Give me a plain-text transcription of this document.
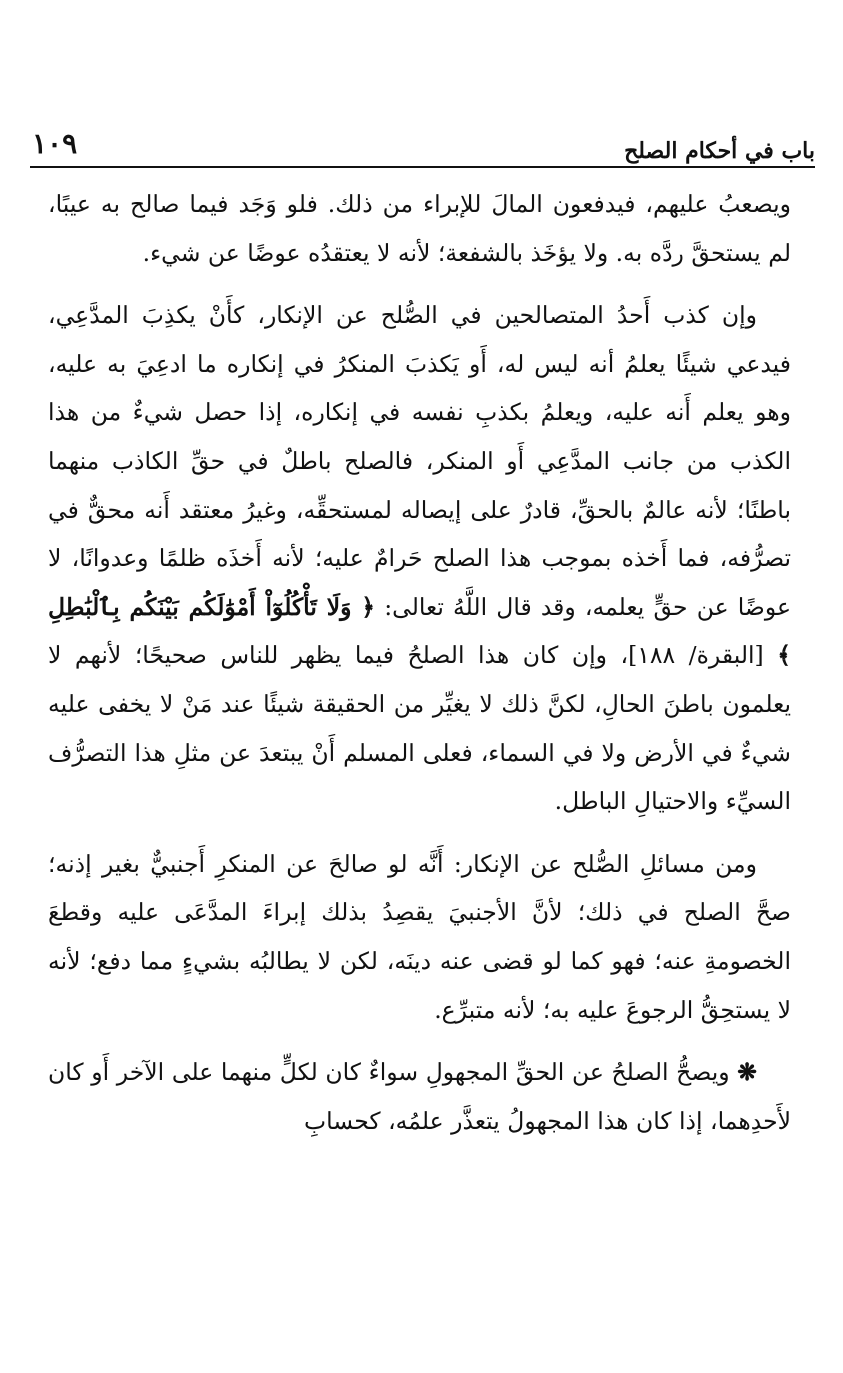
باب في أحكام الصلح
١٠٩

ويصعبُ عليهم، فيدفعون المالَ للإبراء من ذلك. فلو وَجَد فيما صالح به عيبًا، لم يستحقَّ ردَّه به. ولا يؤخَذ بالشفعة؛ لأنه لا يعتقدُه عوضًا عن شيء.

وإن كذب أَحدُ المتصالحين في الصُّلح عن الإنكار، كأَنْ يكذِبَ المدَّعِي، فيدعي شيئًا يعلمُ أنه ليس له، أَو يَكذبَ المنكرُ في إنكاره ما ادعِيَ به عليه، وهو يعلم أَنه عليه، ويعلمُ بكذبِ نفسه في إنكاره، إذا حصل شيءٌ من هذا الكذب من جانب المدَّعِي أَو المنكر، فالصلح باطلٌ في حقِّ الكاذب منهما باطنًا؛ لأنه عالمٌ بالحقِّ، قادرٌ على إيصاله لمستحقِّه، وغيرُ معتقد أَنه محقٌّ في تصرُّفه، فما أَخذه بموجب هذا الصلح حَرامٌ عليه؛ لأنه أَخذَه ظلمًا وعدوانًا، لا عوضًا عن حقٍّ يعلمه، وقد قال اللَّهُ تعالى: ﴿ وَلَا تَأْكُلُوٓاْ أَمْوَٰلَكُم بَيْنَكُم بِٱلْبَٰطِلِ ﴾ [البقرة/ ١٨٨]، وإن كان هذا الصلحُ فيما يظهر للناس صحيحًا؛ لأنهم لا يعلمون باطنَ الحالِ، لكنَّ ذلك لا يغيِّر من الحقيقة شيئًا عند مَنْ لا يخفى عليه شيءٌ في الأرض ولا في السماء، فعلى المسلم أَنْ يبتعدَ عن مثلِ هذا التصرُّف السيِّء والاحتيالِ الباطل.

ومن مسائلِ الصُّلح عن الإنكار: أَنَّه لو صالحَ عن المنكرِ أَجنبيٌّ بغير إذنه؛ صحَّ الصلح في ذلك؛ لأنَّ الأجنبيَ يقصِدُ بذلك إبراءَ المدَّعَى عليه وقطعَ الخصومةِ عنه؛ فهو كما لو قضى عنه دينَه، لكن لا يطالبُه بشيءٍ مما دفع؛ لأنه لا يستحِقُّ الرجوعَ عليه به؛ لأنه متبرِّع.

❋ ويصحُّ الصلحُ عن الحقِّ المجهولِ سواءٌ كان لكلٍّ منهما على الآخر أَو كان لأَحدِهما، إذا كان هذا المجهولُ يتعذَّر علمُه، كحسابِ
